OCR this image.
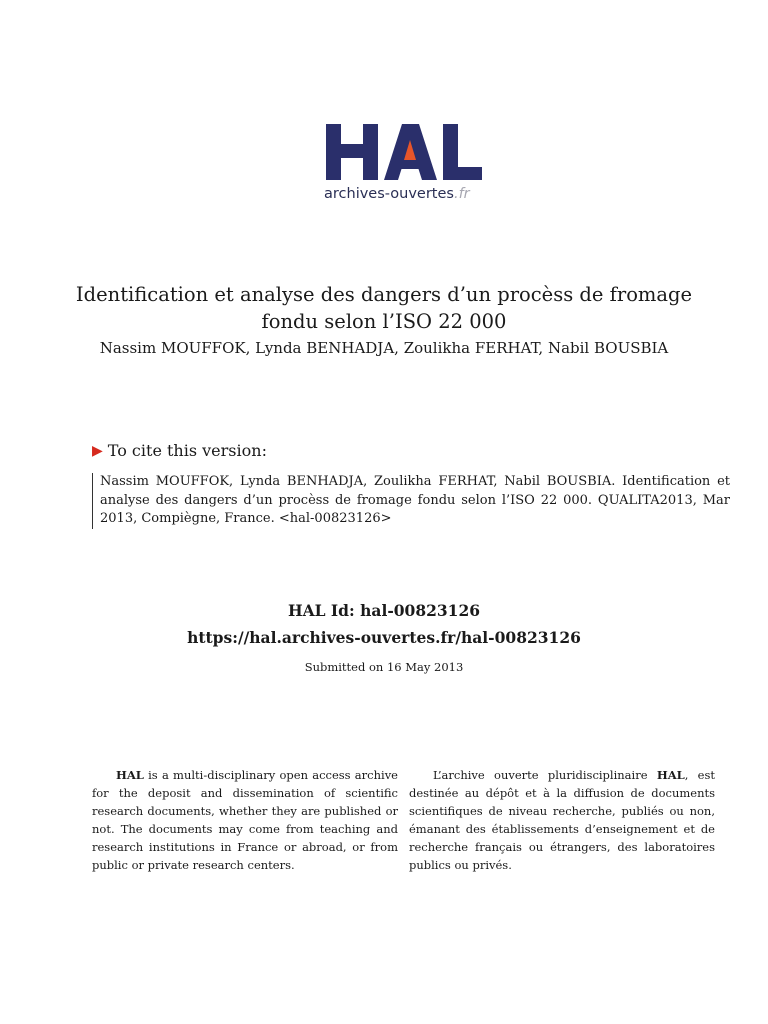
archives-ouvertes.fr
Identification et analyse des dangers d’un procèss de fromage fondu selon l’ISO 22 000
Nassim MOUFFOK, Lynda BENHADJA, Zoulikha FERHAT, Nabil BOUSBIA
▶ To cite this version:
Nassim MOUFFOK, Lynda BENHADJA, Zoulikha FERHAT, Nabil BOUSBIA. Identification et analyse des dangers d’un procèss de fromage fondu selon l’ISO 22 000. QUALITA2013, Mar 2013, Compiègne, France. <hal-00823126>
HAL Id: hal-00823126
https://hal.archives-ouvertes.fr/hal-00823126
Submitted on 16 May 2013
HAL is a multi-disciplinary open access archive for the deposit and dissemination of scientific research documents, whether they are published or not. The documents may come from teaching and research institutions in France or abroad, or from public or private research centers.
L’archive ouverte pluridisciplinaire HAL, est destinée au dépôt et à la diffusion de documents scientifiques de niveau recherche, publiés ou non, émanant des établissements d’enseignement et de recherche français ou étrangers, des laboratoires publics ou privés.
